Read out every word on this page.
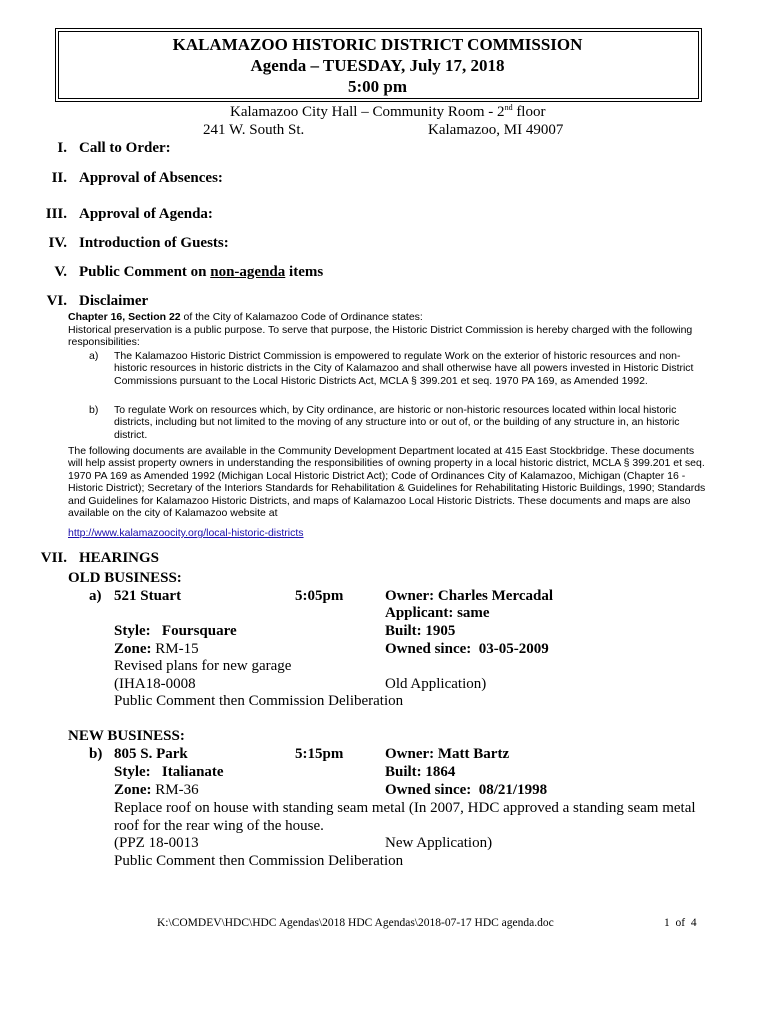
KALAMAZOO HISTORIC DISTRICT COMMISSION
Agenda – TUESDAY, July 17, 2018
5:00 pm
Kalamazoo City Hall – Community Room - 2nd floor
241 W. South St.	Kalamazoo, MI 49007
I. Call to Order:
II. Approval of Absences:
III. Approval of Agenda:
IV. Introduction of Guests:
V. Public Comment on non-agenda items
VI. Disclaimer
Chapter 16, Section 22 of the City of Kalamazoo Code of Ordinance states:
Historical preservation is a public purpose. To serve that purpose, the Historic District Commission is hereby charged with the following responsibilities:
a) The Kalamazoo Historic District Commission is empowered to regulate Work on the exterior of historic resources and non-historic resources in historic districts in the City of Kalamazoo and shall otherwise have all powers invested in Historic District Commissions pursuant to the Local Historic Districts Act, MCLA § 399.201 et seq. 1970 PA 169, as Amended 1992.
b) To regulate Work on resources which, by City ordinance, are historic or non-historic resources located within local historic districts, including but not limited to the moving of any structure into or out of, or the building of any structure in, an historic district.
The following documents are available in the Community Development Department located at 415 East Stockbridge. These documents will help assist property owners in understanding the responsibilities of owning property in a local historic district, MCLA § 399.201 et seq. 1970 PA 169 as Amended 1992 (Michigan Local Historic District Act); Code of Ordinances City of Kalamazoo, Michigan (Chapter 16 - Historic District); Secretary of the Interiors Standards for Rehabilitation & Guidelines for Rehabilitating Historic Buildings, 1990; Standards and Guidelines for Kalamazoo Historic Districts, and maps of Kalamazoo Local Historic Districts. These documents and maps are also available on the city of Kalamazoo website at
http://www.kalamazoocity.org/local-historic-districts
VII. HEARINGS
OLD BUSINESS:
a) 521 Stuart	5:05pm	Owner: Charles Mercadal
Applicant: same
Style:   Foursquare	Built: 1905
Zone: RM-15	Owned since:  03-05-2009
Revised plans for new garage
(IHA18-0008	Old Application)
Public Comment then Commission Deliberation
NEW BUSINESS:
b) 805 S. Park	5:15pm	Owner: Matt Bartz
Style:   Italianate	Built: 1864
Zone: RM-36	Owned since:  08/21/1998
Replace roof on house with standing seam metal (In 2007, HDC approved a standing seam metal
roof for the rear wing of the house.
(PPZ 18-0013	New Application)
Public Comment then Commission Deliberation
K:\COMDEV\HDC\HDC Agendas\2018 HDC Agendas\2018-07-17 HDC agenda.doc	1  of  4
